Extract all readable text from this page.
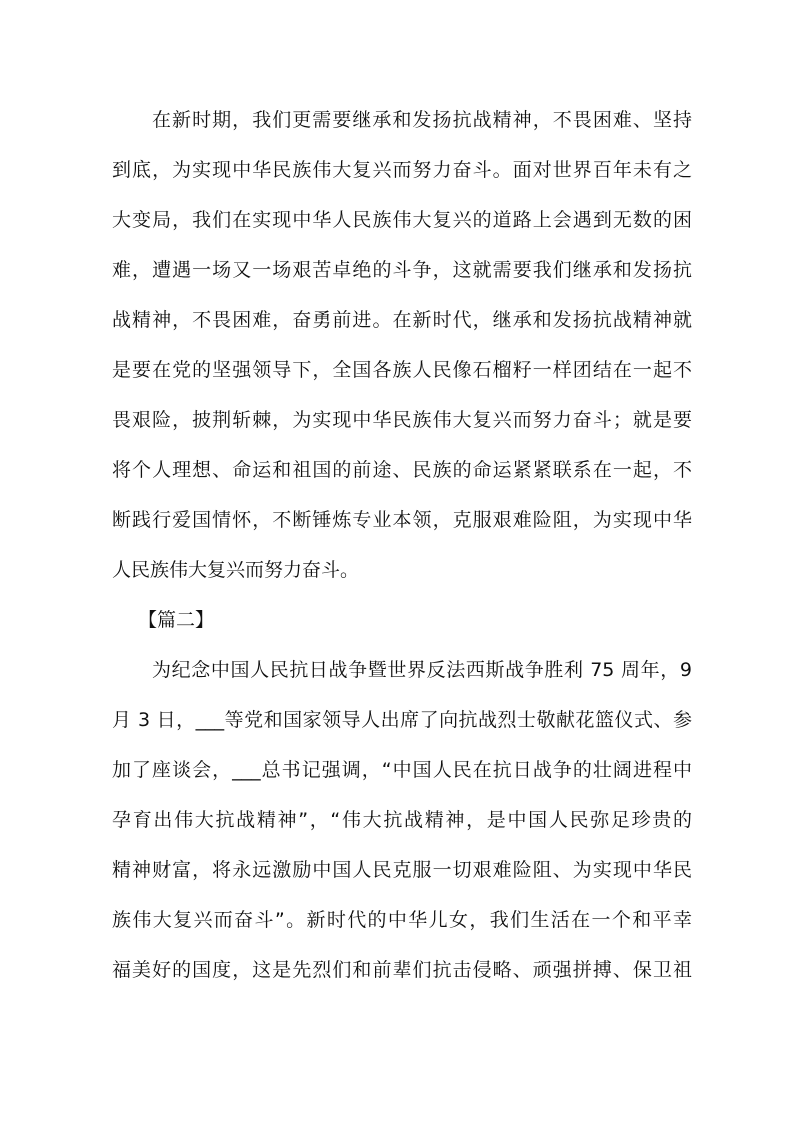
在新时期，我们更需要继承和发扬抗战精神，不畏困难、坚持
到底，为实现中华民族伟大复兴而努力奋斗。面对世界百年未有之
大变局，我们在实现中华人民族伟大复兴的道路上会遇到无数的困
难，遭遇一场又一场艰苦卓绝的斗争，这就需要我们继承和发扬抗
战精神，不畏困难，奋勇前进。在新时代，继承和发扬抗战精神就
是要在党的坚强领导下，全国各族人民像石榴籽一样团结在一起不
畏艰险，披荆斩棘，为实现中华民族伟大复兴而努力奋斗；就是要
将个人理想、命运和祖国的前途、民族的命运紧紧联系在一起，不
断践行爱国情怀，不断锤炼专业本领，克服艰难险阻，为实现中华
人民族伟大复兴而努力奋斗。
【篇二】
为纪念中国人民抗日战争暨世界反法西斯战争胜利 75 周年，9
月 3 日，___等党和国家领导人出席了向抗战烈士敬献花篮仪式、参
加了座谈会，___总书记强调，“中国人民在抗日战争的壮阔进程中
孕育出伟大抗战精神”，“伟大抗战精神，是中国人民弥足珍贵的
精神财富，将永远激励中国人民克服一切艰难险阻、为实现中华民
族伟大复兴而奋斗”。新时代的中华儿女，我们生活在一个和平幸
福美好的国度，这是先烈们和前辈们抗击侵略、顽强拼搏、保卫祖
